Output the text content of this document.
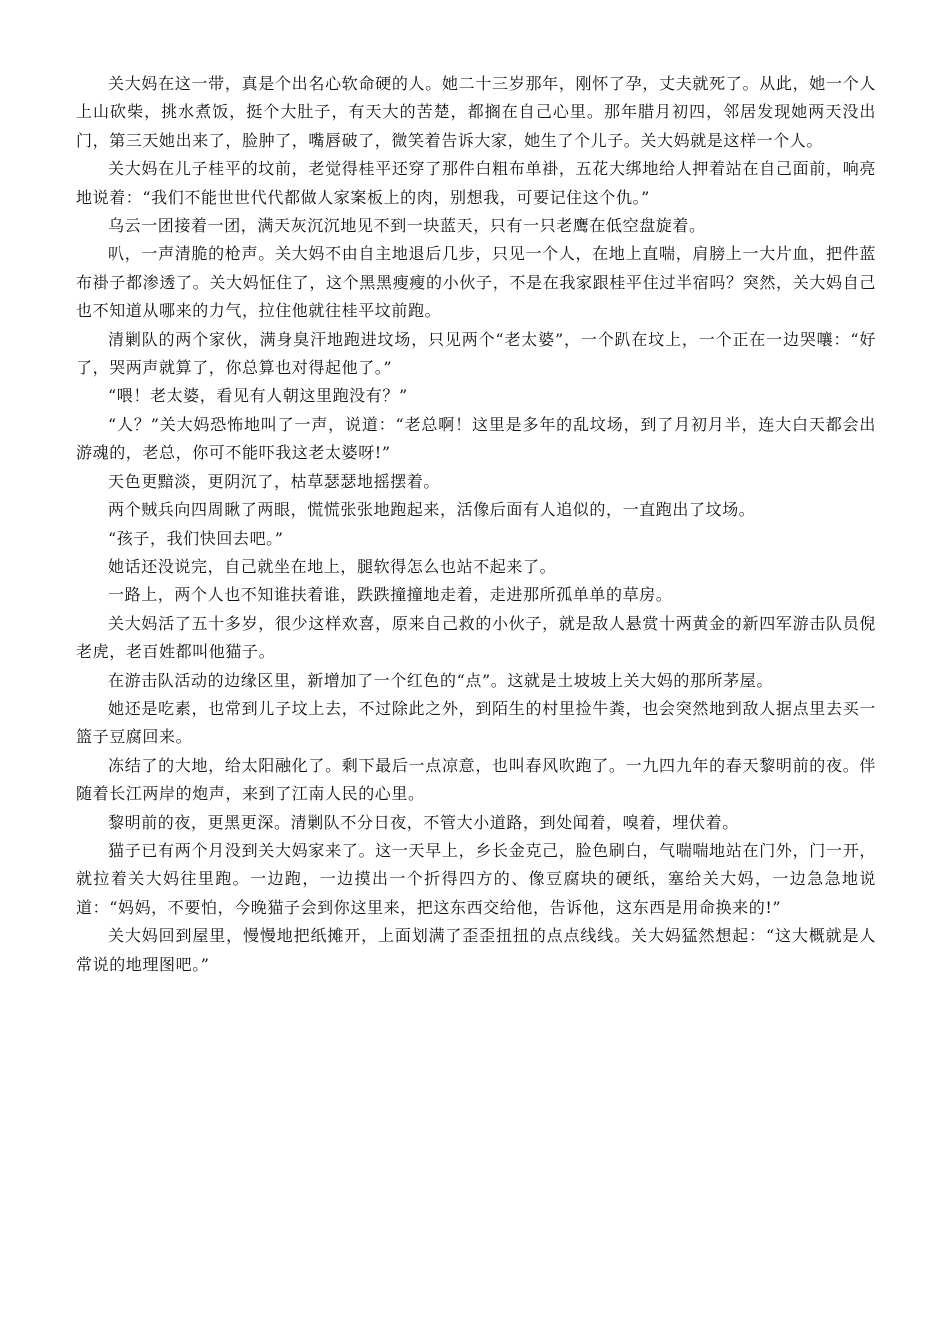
关大妈在这一带，真是个出名心软命硬的人。她二十三岁那年，刚怀了孕，丈夫就死了。从此，她一个人上山砍柴，挑水煮饭，挺个大肚子，有天大的苦楚，都搁在自己心里。那年腊月初四，邻居发现她两天没出门，第三天她出来了，脸肿了，嘴唇破了，微笑着告诉大家，她生了个儿子。关大妈就是这样一个人。

关大妈在儿子桂平的坟前，老觉得桂平还穿了那件白粗布单褂，五花大绑地给人押着站在自己面前，响亮地说着：“我们不能世世代代都做人家案板上的肉，别想我，可要记住这个仇。”

乌云一团接着一团，满天灰沉沉地见不到一块蓝天，只有一只老鹰在低空盘旋着。

叭，一声清脆的枪声。关大妈不由自主地退后几步，只见一个人，在地上直喘，肩膀上一大片血，把件蓝布褂子都渗透了。关大妈怔住了，这个黑黑瘦瘦的小伙子，不是在我家跟桂平住过半宿吗？突然，关大妈自己也不知道从哪来的力气，拉住他就往桂平坟前跑。

清剿队的两个家伙，满身臭汗地跑进坟场，只见两个“老太婆”，一个趴在坟上，一个正在一边哭嚷：“好了，哭两声就算了，你总算也对得起他了。”

“喂！老太婆，看见有人朝这里跑没有？”

“人？”关大妈恐怖地叫了一声，说道：“老总啊！这里是多年的乱坟场，到了月初月半，连大白天都会出游魂的，老总，你可不能吓我这老太婆呀!”

天色更黯淡，更阴沉了，枯草瑟瑟地摇摆着。

两个贼兵向四周瞅了两眼，慌慌张张地跑起来，活像后面有人追似的，一直跑出了坟场。

“孩子，我们快回去吧。”

她话还没说完，自己就坐在地上，腿软得怎么也站不起来了。

一路上，两个人也不知谁扶着谁，跌跌撞撞地走着，走进那所孤单单的草房。

关大妈活了五十多岁，很少这样欢喜，原来自己救的小伙子，就是敌人悬赏十两黄金的新四军游击队员倪老虎，老百姓都叫他猫子。

在游击队活动的边缘区里，新增加了一个红色的“点”。这就是土坡坡上关大妈的那所茅屋。

她还是吃素，也常到儿子坟上去，不过除此之外，到陌生的村里捡牛粪，也会突然地到敌人据点里去买一篮子豆腐回来。

冻结了的大地，给太阳融化了。剩下最后一点凉意，也叫春风吹跑了。一九四九年的春天黎明前的夜。伴随着长江两岸的炮声，来到了江南人民的心里。

黎明前的夜，更黑更深。清剿队不分日夜，不管大小道路，到处闻着，嗅着，埋伏着。

猫子已有两个月没到关大妈家来了。这一天早上，乡长金克己，脸色刷白，气喘喘地站在门外，门一开，就拉着关大妈往里跑。一边跑，一边摸出一个折得四方的、像豆腐块的硬纸，塞给关大妈，一边急急地说道：“妈妈，不要怕，今晚猫子会到你这里来，把这东西交给他，告诉他，这东西是用命换来的!”

关大妈回到屋里，慢慢地把纸摊开，上面划满了歪歪扭扭的点点线线。关大妈猛然想起：“这大概就是人常说的地理图吧。”
